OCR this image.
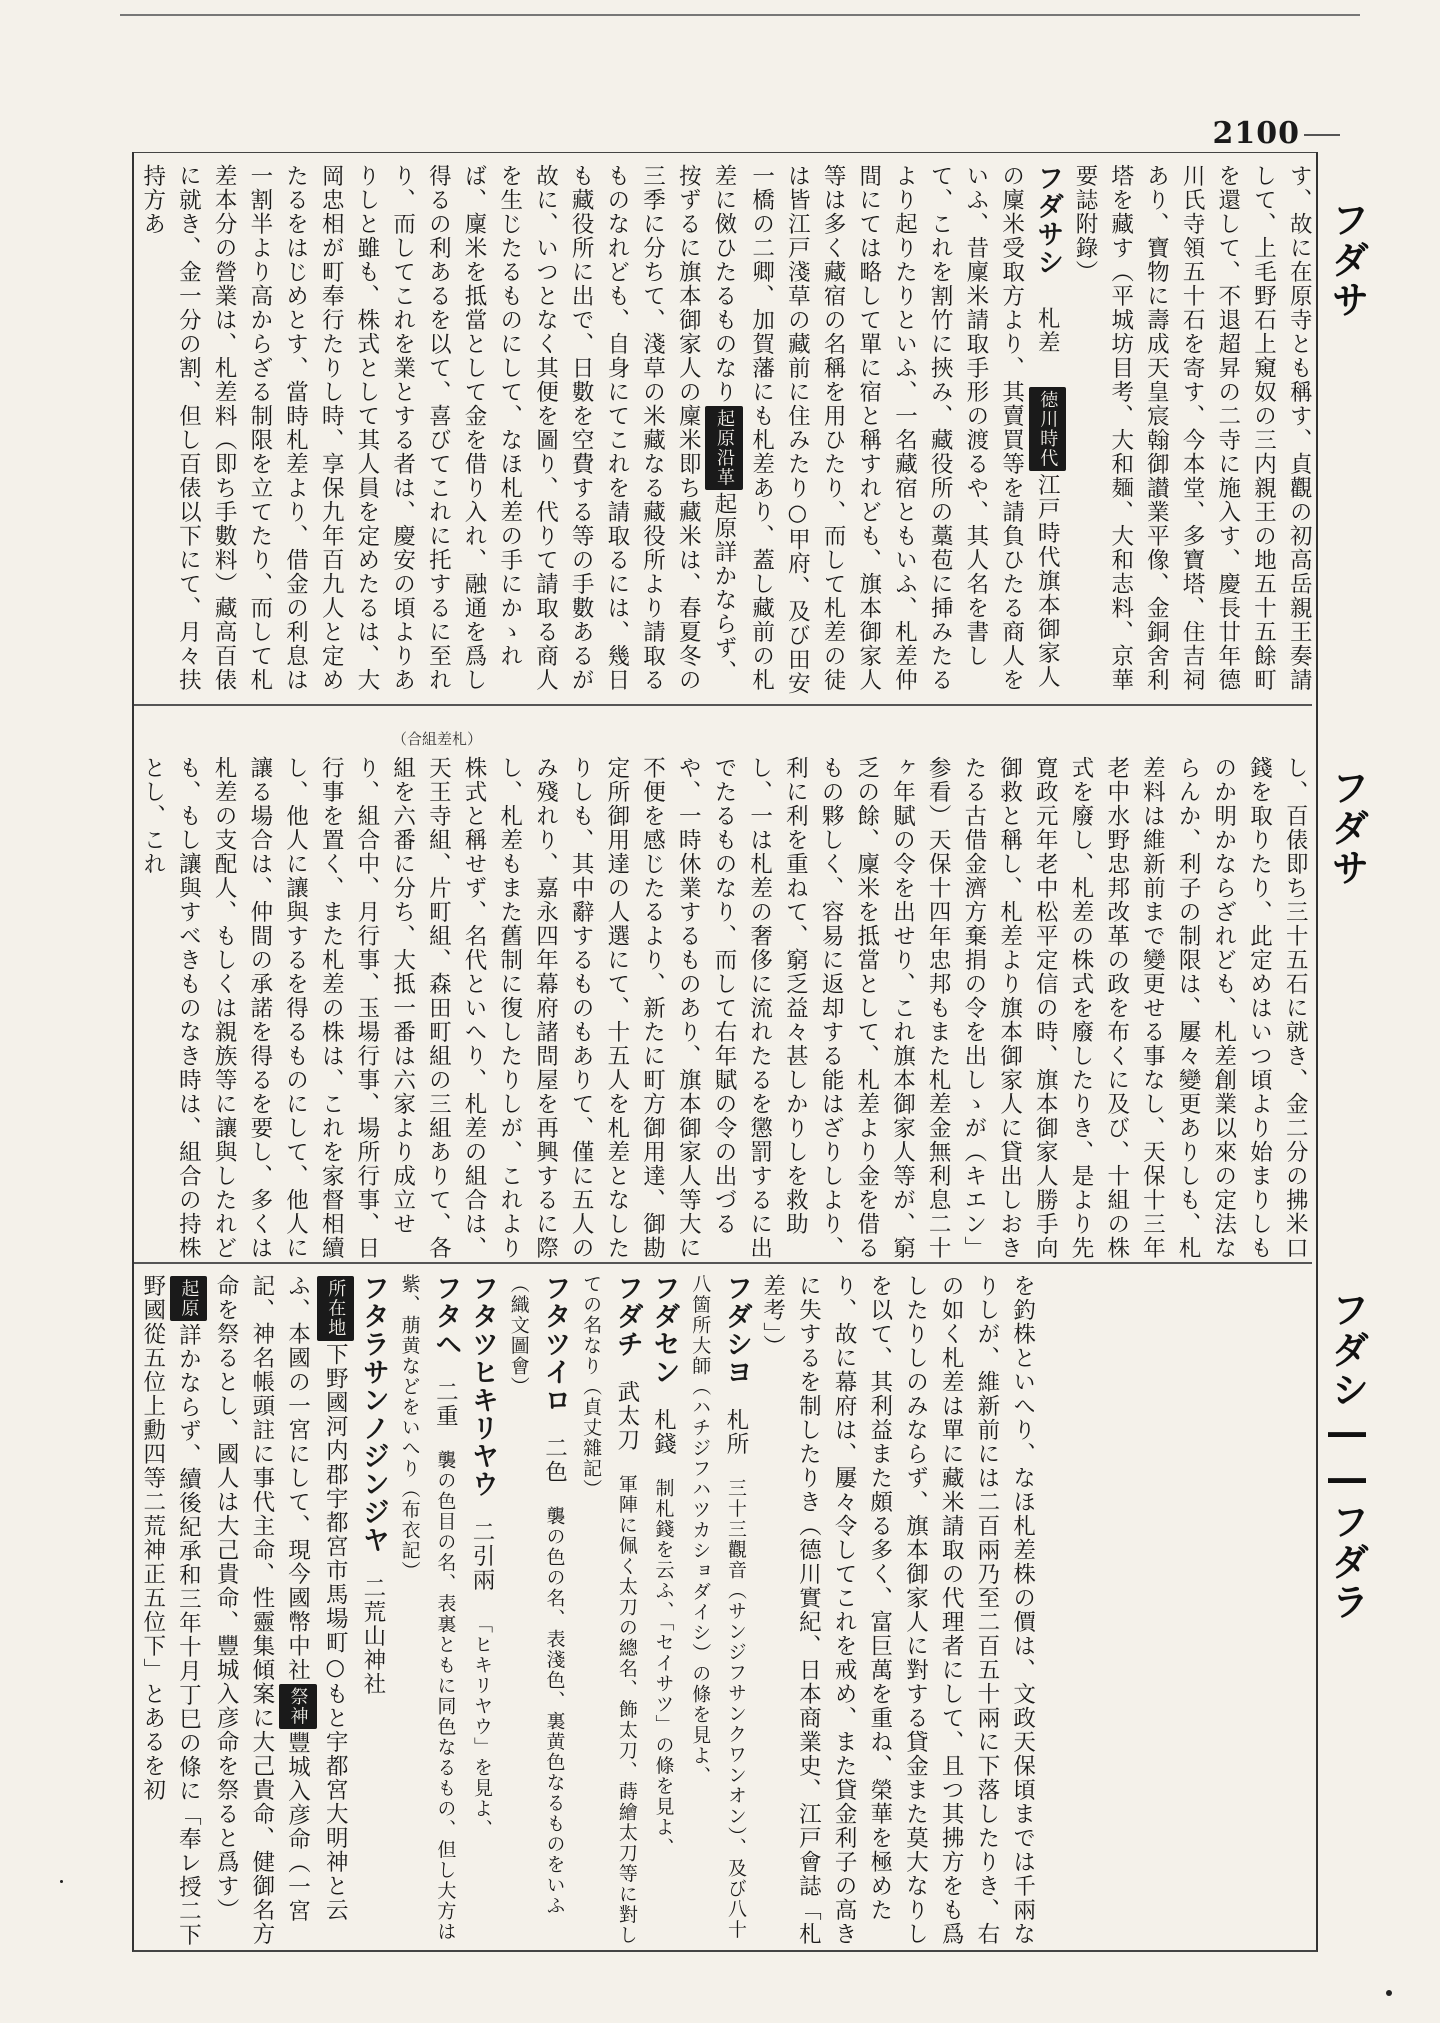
2100
フダサ
フダサ
フダシ――フダラ
す、故に在原寺とも稱す、貞觀の初高岳親王奏請して、上毛野石上窺奴の三内親王の地五十五餘町を還して、不退超昇の二寺に施入す、慶長廿年德川氏寺領五十石を寄す、今本堂、多寶塔、住吉祠あり、寶物に壽成天皇宸翰御讃業平像、金銅舍利塔を藏す（平城坊目考、大和麺、大和志料、京華要誌附錄）
フダサシ 札差 徳川時代江戸時代旗本御家人の廩米受取方より、其賣買等を請負ひたる商人をいふ、昔廩米請取手形の渡るや、其人名を書して、これを割竹に挾み、藏役所の藁苞に挿みたるより起りたりといふ、一名藏宿ともいふ、札差仲間にては略して單に宿と稱すれども、旗本御家人等は多く藏宿の名稱を用ひたり、而して札差の徒は皆江戸淺草の藏前に住みたり○甲府、及び田安一橋の二卿、加賀藩にも札差あり、蓋し藏前の札差に傚ひたるものなり起原沿革起原詳かならず、按ずるに旗本御家人の廩米即ち藏米は、春夏冬の三季に分ちて、淺草の米藏なる藏役所より請取るものなれども、自身にてこれを請取るには、幾日も藏役所に出で、日數を空費する等の手數あるが故に、いつとなく其便を圖り、代りて請取る商人を生じたるものにして、なほ札差の手にかゝれば、廩米を抵當として金を借り入れ、融通を爲し得るの利あるを以て、喜びてこれに托するに至れり、而してこれを業とする者は、慶安の頃よりありしと雖も、株式として其人員を定めたるは、大岡忠相が町奉行たりし時、享保九年百九人と定めたるをはじめとす、當時札差より、借金の利息は一割半より高からざる制限を立てたり、而して札差本分の營業は、札差料（即ち手數料）藏高百俵に就き、金一分の割、但し百俵以下にて、月々扶持方あ
（合組差札）
し、百俵即ち三十五石に就き、金二分の拂米口錢を取りたり、此定めはいつ頃より始まりしものか明かならざれども、札差創業以來の定法ならんか、利子の制限は、屢々變更ありしも、札差料は維新前まで變更せる事なし、天保十三年老中水野忠邦改革の政を布くに及び、十組の株式を廢し、札差の株式を廢したりき、是より先寛政元年老中松平定信の時、旗本御家人勝手向御救と稱し、札差より旗本御家人に貸出しおきたる古借金濟方棄捐の令を出しゝが（キエン」参看）天保十四年忠邦もまた札差金無利息二十ヶ年賦の令を出せり、これ旗本御家人等が、窮乏の餘、廩米を抵當として、札差より金を借るもの夥しく、容易に返却する能はざりしより、利に利を重ねて、窮乏益々甚しかりしを救助し、一は札差の奢侈に流れたるを懲罰するに出でたるものなり、而して右年賦の令の出づるや、一時休業するものあり、旗本御家人等大に不便を感じたるより、新たに町方御用達、御勘定所御用達の人選にて、十五人を札差となしたりしも、其中辭するものもありて、僅に五人のみ殘れり、嘉永四年幕府諸問屋を再興するに際し、札差もまた舊制に復したりしが、これより株式と稱せず、名代といへり、札差の組合は、天王寺組、片町組、森田町組の三組ありて、各組を六番に分ち、大抵一番は六家より成立せり、組合中、月行事、玉場行事、場所行事、日行事を置く、また札差の株は、これを家督相續し、他人に讓與するを得るものにして、他人に讓る場合は、仲間の承諾を得るを要し、多くは札差の支配人、もしくは親族等に讓與したれども、もし讓與すべきものなき時は、組合の持株とし、これ
を釣株といへり、なほ札差株の價は、文政天保頃までは千兩なりしが、維新前には二百兩乃至二百五十兩に下落したりき、右の如く札差は單に藏米請取の代理者にして、且つ其拂方をも爲したりしのみならず、旗本御家人に對する貸金また莫大なりしを以て、其利益また頗る多く、富巨萬を重ね、榮華を極めたり、故に幕府は、屢々令してこれを戒め、また貸金利子の高きに失するを制したりき（德川實紀、日本商業史、江戸會誌「札差考」）
フダシヨ札所三十三觀音（サンジフサンクワンオン）、及び八十八箇所大師（ハチジフハツカショダイシ）の條を見よ、
フダセン札錢制札錢を云ふ、「セイサツ」の條を見よ、
フダチ武太刀軍陣に佩く太刀の總名、飾太刀、蒔繪太刀等に對しての名なり（貞丈雜記）
フタツイロ二色襲の色の名、表淺色、裏黄色なるものをいふ（織文圖會）
フタツヒキリヤウ二引兩「ヒキリヤウ」を見よ、
フタヘ二重襲の色目の名、表裏ともに同色なるもの、但し大方は紫、萠黄などをいへり（布衣記）
フタラサンノジンジヤ二荒山神社
所在地下野國河内郡宇都宮市馬場町○もと宇都宮大明神と云ふ、本國の一宮にして、現今國幣中社祭神豐城入彦命（一宮記、神名帳頭註に事代主命、性靈集傾案に大己貴命、健御名方命を祭るとし、國人は大己貴命、豐城入彦命を祭ると爲す）起原詳かならず、續後紀承和三年十月丁巳の條に「奉レ授二下野國從五位上勳四等二荒神正五位下」とあるを初
